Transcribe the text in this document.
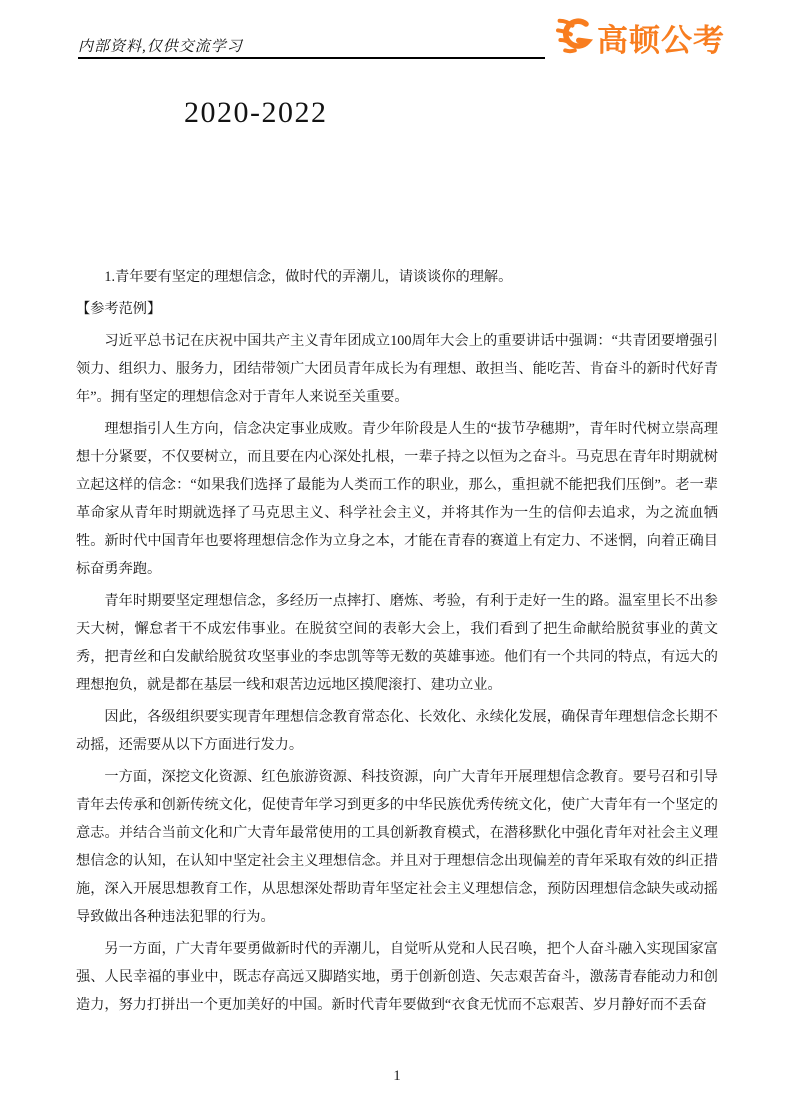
内部资料,仅供交流学习	高顿公考
2020-2022

1.青年要有坚定的理想信念，做时代的弄潮儿，请谈谈你的理解。

【参考范例】

习近平总书记在庆祝中国共产主义青年团成立100周年大会上的重要讲话中强调：“共青团要增强引领力、组织力、服务力，团结带领广大团员青年成长为有理想、敢担当、能吃苦、肯奋斗的新时代好青年”。拥有坚定的理想信念对于青年人来说至关重要。

理想指引人生方向，信念决定事业成败。青少年阶段是人生的“拔节孕穗期”，青年时代树立崇高理想十分紧要，不仅要树立，而且要在内心深处扎根，一辈子持之以恒为之奋斗。马克思在青年时期就树立起这样的信念：“如果我们选择了最能为人类而工作的职业，那么，重担就不能把我们压倒”。老一辈革命家从青年时期就选择了马克思主义、科学社会主义，并将其作为一生的信仰去追求，为之流血牺牲。新时代中国青年也要将理想信念作为立身之本，才能在青春的赛道上有定力、不迷惘，向着正确目标奋勇奔跑。

青年时期要坚定理想信念，多经历一点摔打、磨炼、考验，有利于走好一生的路。温室里长不出参天大树，懈怠者干不成宏伟事业。在脱贫空间的表彰大会上，我们看到了把生命献给脱贫事业的黄文秀，把青丝和白发献给脱贫攻坚事业的李忠凯等等无数的英雄事迹。他们有一个共同的特点，有远大的理想抱负，就是都在基层一线和艰苦边远地区摸爬滚打、建功立业。

因此，各级组织要实现青年理想信念教育常态化、长效化、永续化发展，确保青年理想信念长期不动摇，还需要从以下方面进行发力。

一方面，深挖文化资源、红色旅游资源、科技资源，向广大青年开展理想信念教育。要号召和引导青年去传承和创新传统文化，促使青年学习到更多的中华民族优秀传统文化，使广大青年有一个坚定的意志。并结合当前文化和广大青年最常使用的工具创新教育模式，在潜移默化中强化青年对社会主义理想信念的认知，在认知中坚定社会主义理想信念。并且对于理想信念出现偏差的青年采取有效的纠正措施，深入开展思想教育工作，从思想深处帮助青年坚定社会主义理想信念，预防因理想信念缺失或动摇导致做出各种违法犯罪的行为。

另一方面，广大青年要勇做新时代的弄潮儿，自觉听从党和人民召唤，把个人奋斗融入实现国家富强、人民幸福的事业中，既志存高远又脚踏实地，勇于创新创造、矢志艰苦奋斗，激荡青春能动力和创造力，努力打拼出一个更加美好的中国。新时代青年要做到“衣食无忧而不忘艰苦、岁月静好而不丢奋

1
